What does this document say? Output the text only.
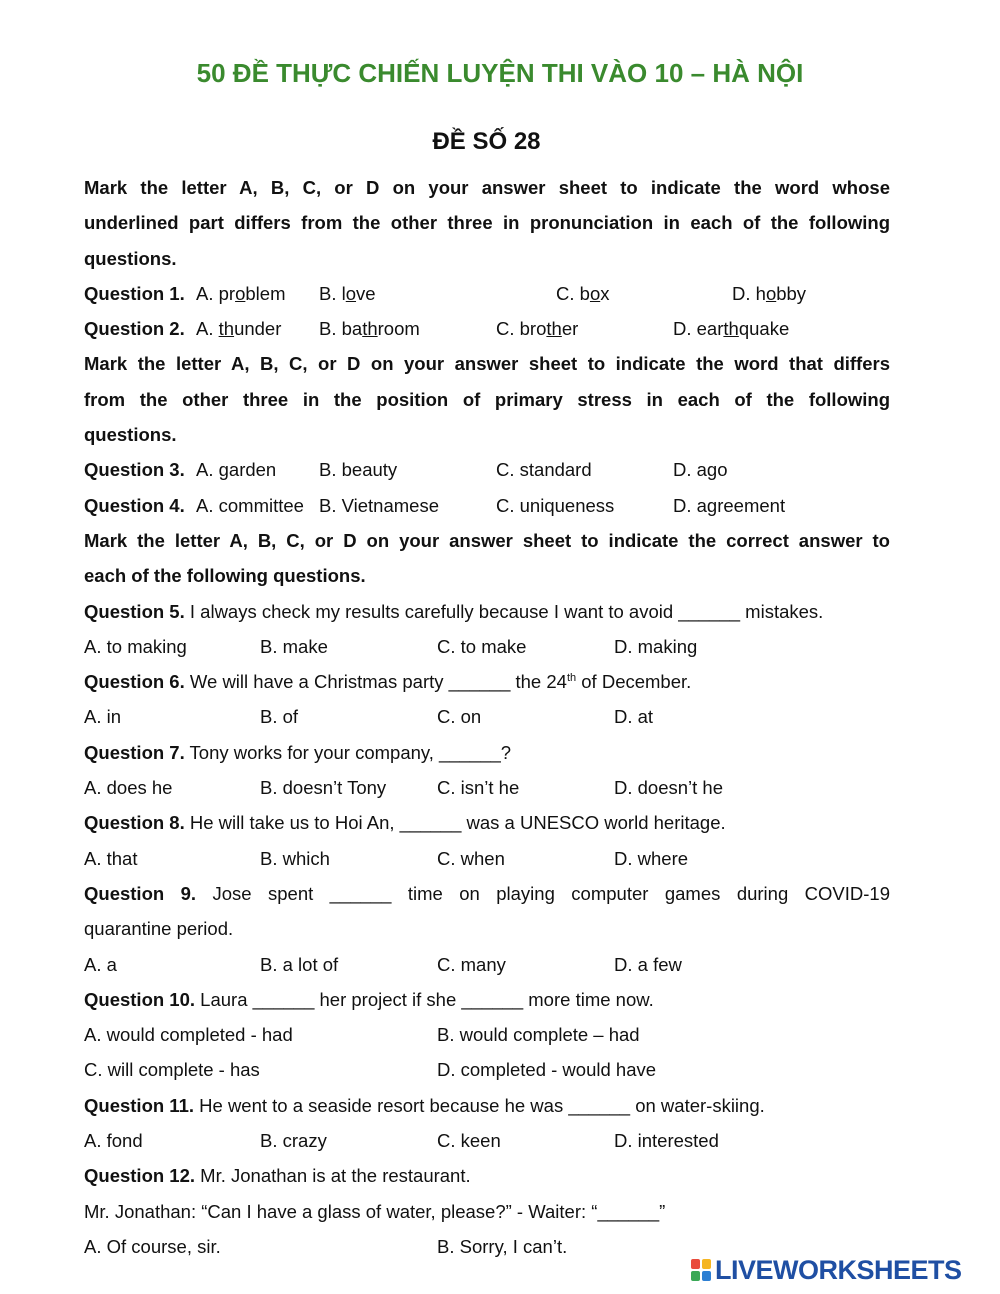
50 ĐỀ THỰC CHIẾN LUYỆN THI VÀO 10 – HÀ NỘI
ĐỀ SỐ 28
Mark the letter A, B, C, or D on your answer sheet to indicate the word whose
underlined part differs from the other three in pronunciation in each of the following
questions.
Question 1. A. problem B. love	C. box	D. hobby
Question 2. A. thunder B. bathroom	C. brother	D. earthquake
Mark the letter A, B, C, or D on your answer sheet to indicate the word that differs
from the other three in the position of primary stress in each of the following
questions.
Question 3. A. garden B. beauty	C. standard	D. ago
Question 4. A. committee B. Vietnamese	C. uniqueness	D. agreement
Mark the letter A, B, C, or D on your answer sheet to indicate the correct answer to
each of the following questions.
Question 5. I always check my results carefully because I want to avoid ______ mistakes.
A. to making	B. make	C. to make	D. making
Question 6. We will have a Christmas party ______ the 24th of December.
A. in	B. of	C. on	D. at
Question 7. Tony works for your company, ______?
A. does he	B. doesn’t Tony	C. isn’t he	D. doesn’t he
Question 8. He will take us to Hoi An, ______ was a UNESCO world heritage.
A. that	B. which	C. when	D. where
Question 9. Jose spent ______ time on playing computer games during COVID-19
quarantine period.
A. a	B. a lot of	C. many	D. a few
Question 10. Laura ______ her project if she ______ more time now.
A. would completed - had	B. would complete – had
C. will complete - has	D. completed - would have
Question 11. He went to a seaside resort because he was ______ on water-skiing.
A. fond	B. crazy	C. keen	D. interested
Question 12. Mr. Jonathan is at the restaurant.
Mr. Jonathan: “Can I have a glass of water, please?” - Waiter: “______”
A. Of course, sir.	B. Sorry, I can’t.
LIVEWORKSHEETS
